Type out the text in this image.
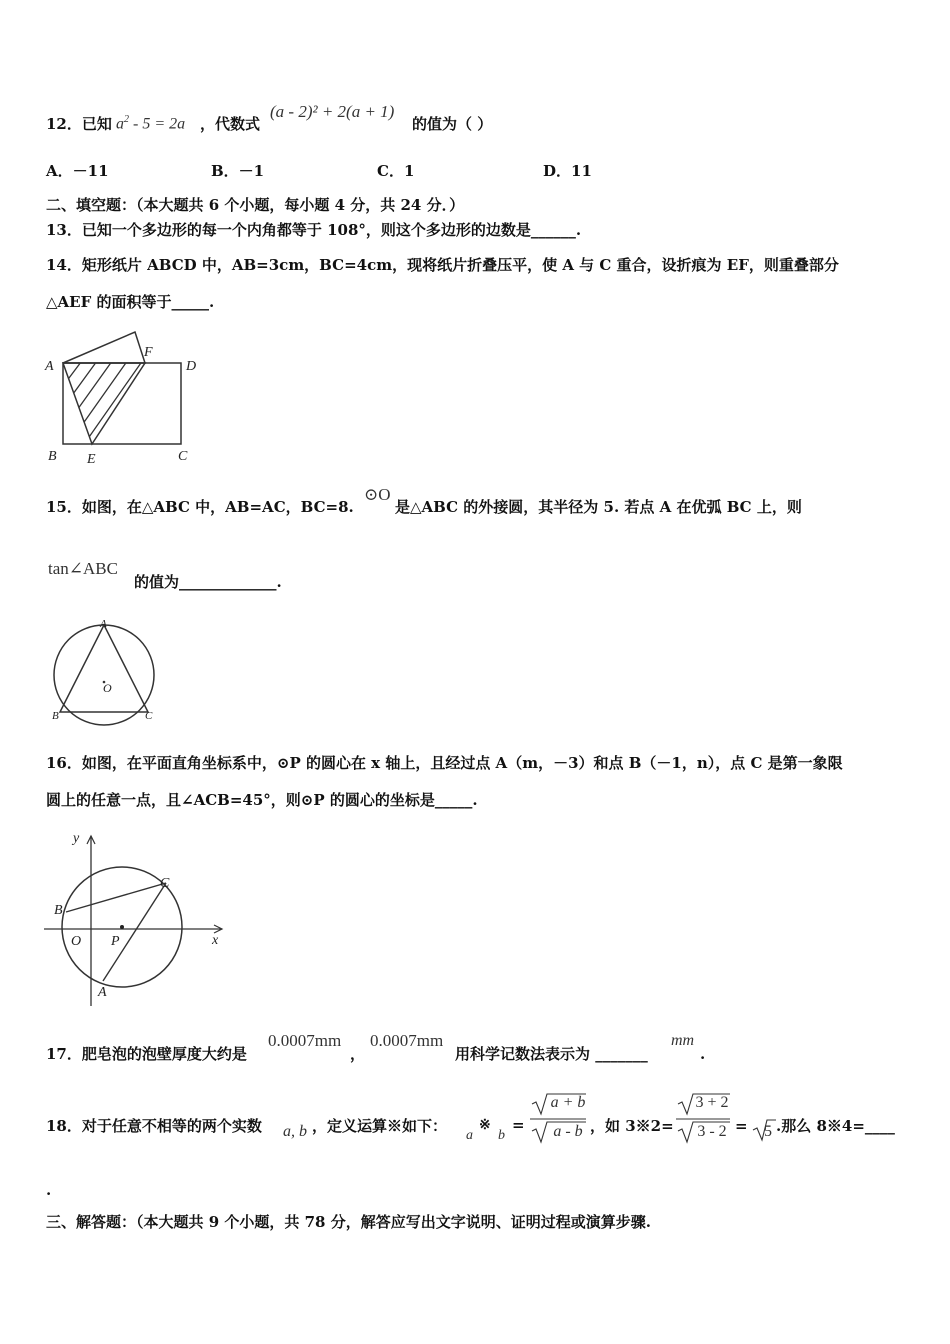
12．已知 $a^2 - 5 = 2a$ ，代数式
(a - 2)² + 2(a + 1)
的值为（ ）
A．－11	B．－1	C．1	D．11
二、填空题：（本大题共 6 个小题，每小题 4 分，共 24 分．）
13．已知一个多边形的每一个内角都等于 108°，则这个多边形的边数是______.
14．矩形纸片 ABCD 中，AB=3cm，BC=4cm，现将纸片折叠压平，使 A 与 C 重合，设折痕为 EF，则重叠部分
△AEF 的面积等于_____.
A
F
D
B E	C
15．如图，在△ABC 中，AB=AC，BC=8.
⊙O
是△ABC 的外接圆，其半径为 5. 若点 A 在优弧 BC 上，则
tan∠ABC
的值为_____________.
A
O
B	C
16．如图，在平面直角坐标系中，⊙P 的圆心在 x 轴上，且经过点 A（m，－3）和点 B（－1，n），点 C 是第一象限
圆上的任意一点，且∠ACB=45°，则⊙P 的圆心的坐标是_____.
y
x
B
C
O P
A
17．肥皂泡的泡壁厚度大约是
0.0007mm
，
0.0007mm
用科学记数法表示为 _______
mm
.
18．对于任意不相等的两个实数 a, b ，定义运算※如下：
a
※
b
=
a + b
a - b ，如 3※2=
3 + 2
3 - 2 = 5 .那么 8※4=____
.
三、解答题：（本大题共 9 个小题，共 78 分，解答应写出文字说明、证明过程或演算步骤.
